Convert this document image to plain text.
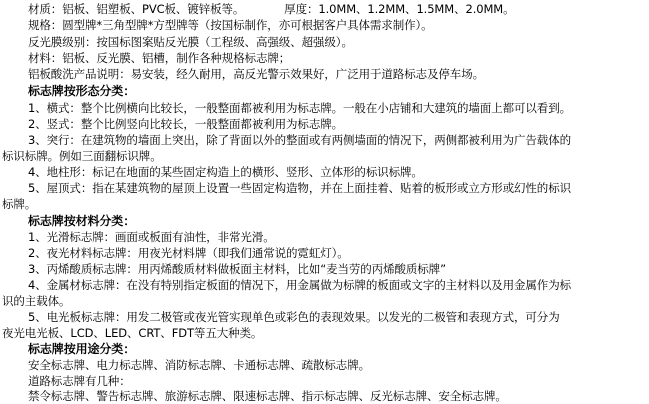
材质：铝板、铝塑板、PVC板、镀锌板等。　　　　厚度：1.0MM、1.2MM、1.5MM、2.0MM。
规格：圆型牌*三角型牌*方型牌等（按国标制作，亦可根据客户具体需求制作）。
反光膜级别：按国标图案贴反光膜（工程级、高强级、超强级）。
材料：铝板、反光膜、铝槽，制作各种规格标志牌；
铝板酸洗产品说明：易安装，经久耐用，高反光警示效果好，广泛用于道路标志及停车场。
标志牌按形态分类：
1、横式：整个比例横向比较长，一般整面都被利用为标志牌。一般在小店铺和大建筑的墙面上都可以看到。
2、竖式：整个比例竖向比较长，一般整面都被利用为标志牌。
3、突行：在建筑物的墙面上突出，除了背面以外的整面或有两侧墙面的情况下，两侧都被利用为广告载体的
标识标牌。例如三面翻标识牌。
4、地柱形：标记在地面的某些固定构造上的横形、竖形、立体形的标识标牌。
5、屋顶式：指在某建筑物的屋顶上设置一些固定构造物，并在上面挂着、贴着的板形或立方形或幻性的标识
标牌。
标志牌按材料分类：
1、光滑标志牌：画面或板面有油性，非常光滑。
2、夜光材料标志牌：用夜光材料牌（即我们通常说的霓虹灯）。
3、丙烯酸质标志牌：用丙烯酸质材料做板面主材料，比如“麦当劳的丙烯酸质标牌”
4、金属材标志牌：在没有特别指定板面的情况下，用金属做为标牌的板面或文字的主材料以及用金属作为标
识的主载体。
5、电光板标志牌：用发二极管或夜光管实现单色或彩色的表现效果。以发光的二极管和表现方式，可分为
夜光电光板、LCD、LED、CRT、FDT等五大种类。
标志牌按用途分类：
安全标志牌、电力标志牌、消防标志牌、卡通标志牌、疏散标志牌。
道路标志牌有几种：
禁令标志牌、警告标志牌、旅游标志牌、限速标志牌、指示标志牌、反光标志牌、安全标志牌。
